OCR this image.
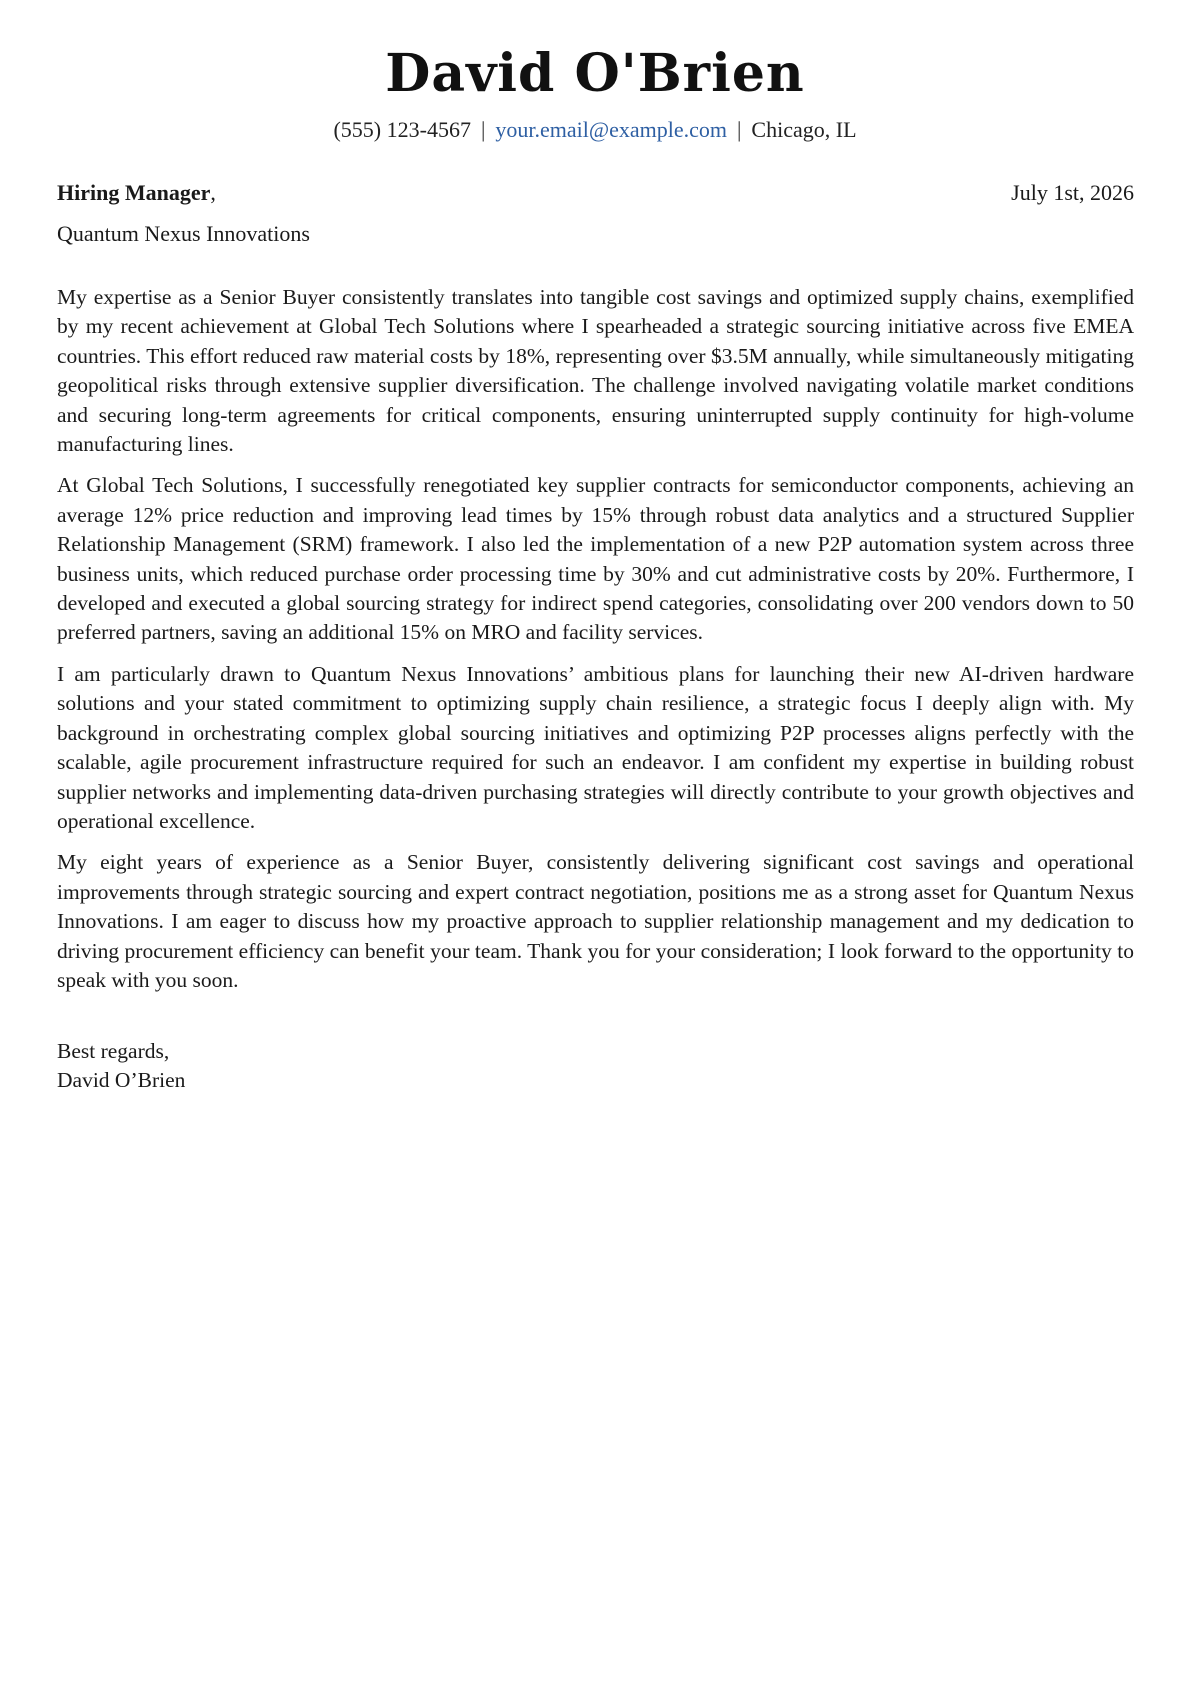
David O'Brien
(555) 123-4567 | your.email@example.com | Chicago, IL
Hiring Manager,	July 1st, 2026
Quantum Nexus Innovations

My expertise as a Senior Buyer consistently translates into tangible cost savings and optimized supply chains, exemplified by my recent achievement at Global Tech Solutions where I spearheaded a strategic sourcing initiative across five EMEA countries. This effort reduced raw material costs by 18%, representing over $3.5M annually, while simultaneously mitigating geopolitical risks through extensive supplier diversification. The challenge involved navigating volatile market conditions and securing long-term agreements for critical components, ensuring uninterrupted supply continuity for high-volume manufacturing lines.

At Global Tech Solutions, I successfully renegotiated key supplier contracts for semiconductor components, achieving an average 12% price reduction and improving lead times by 15% through robust data analytics and a structured Supplier Relationship Management (SRM) framework. I also led the implementation of a new P2P automation system across three business units, which reduced purchase order processing time by 30% and cut administrative costs by 20%. Furthermore, I developed and executed a global sourcing strategy for indirect spend categories, consolidating over 200 vendors down to 50 preferred partners, saving an additional 15% on MRO and facility services.

I am particularly drawn to Quantum Nexus Innovations’ ambitious plans for launching their new AI-driven hardware solutions and your stated commitment to optimizing supply chain resilience, a strategic focus I deeply align with. My background in orchestrating complex global sourcing initiatives and optimizing P2P processes aligns perfectly with the scalable, agile procurement infrastructure required for such an endeavor. I am confident my expertise in building robust supplier networks and implementing data-driven purchasing strategies will directly contribute to your growth objectives and operational excellence.

My eight years of experience as a Senior Buyer, consistently delivering significant cost savings and operational improvements through strategic sourcing and expert contract negotiation, positions me as a strong asset for Quantum Nexus Innovations. I am eager to discuss how my proactive approach to supplier relationship management and my dedication to driving procurement efficiency can benefit your team. Thank you for your consideration; I look forward to the opportunity to speak with you soon.

Best regards,
David O’Brien
